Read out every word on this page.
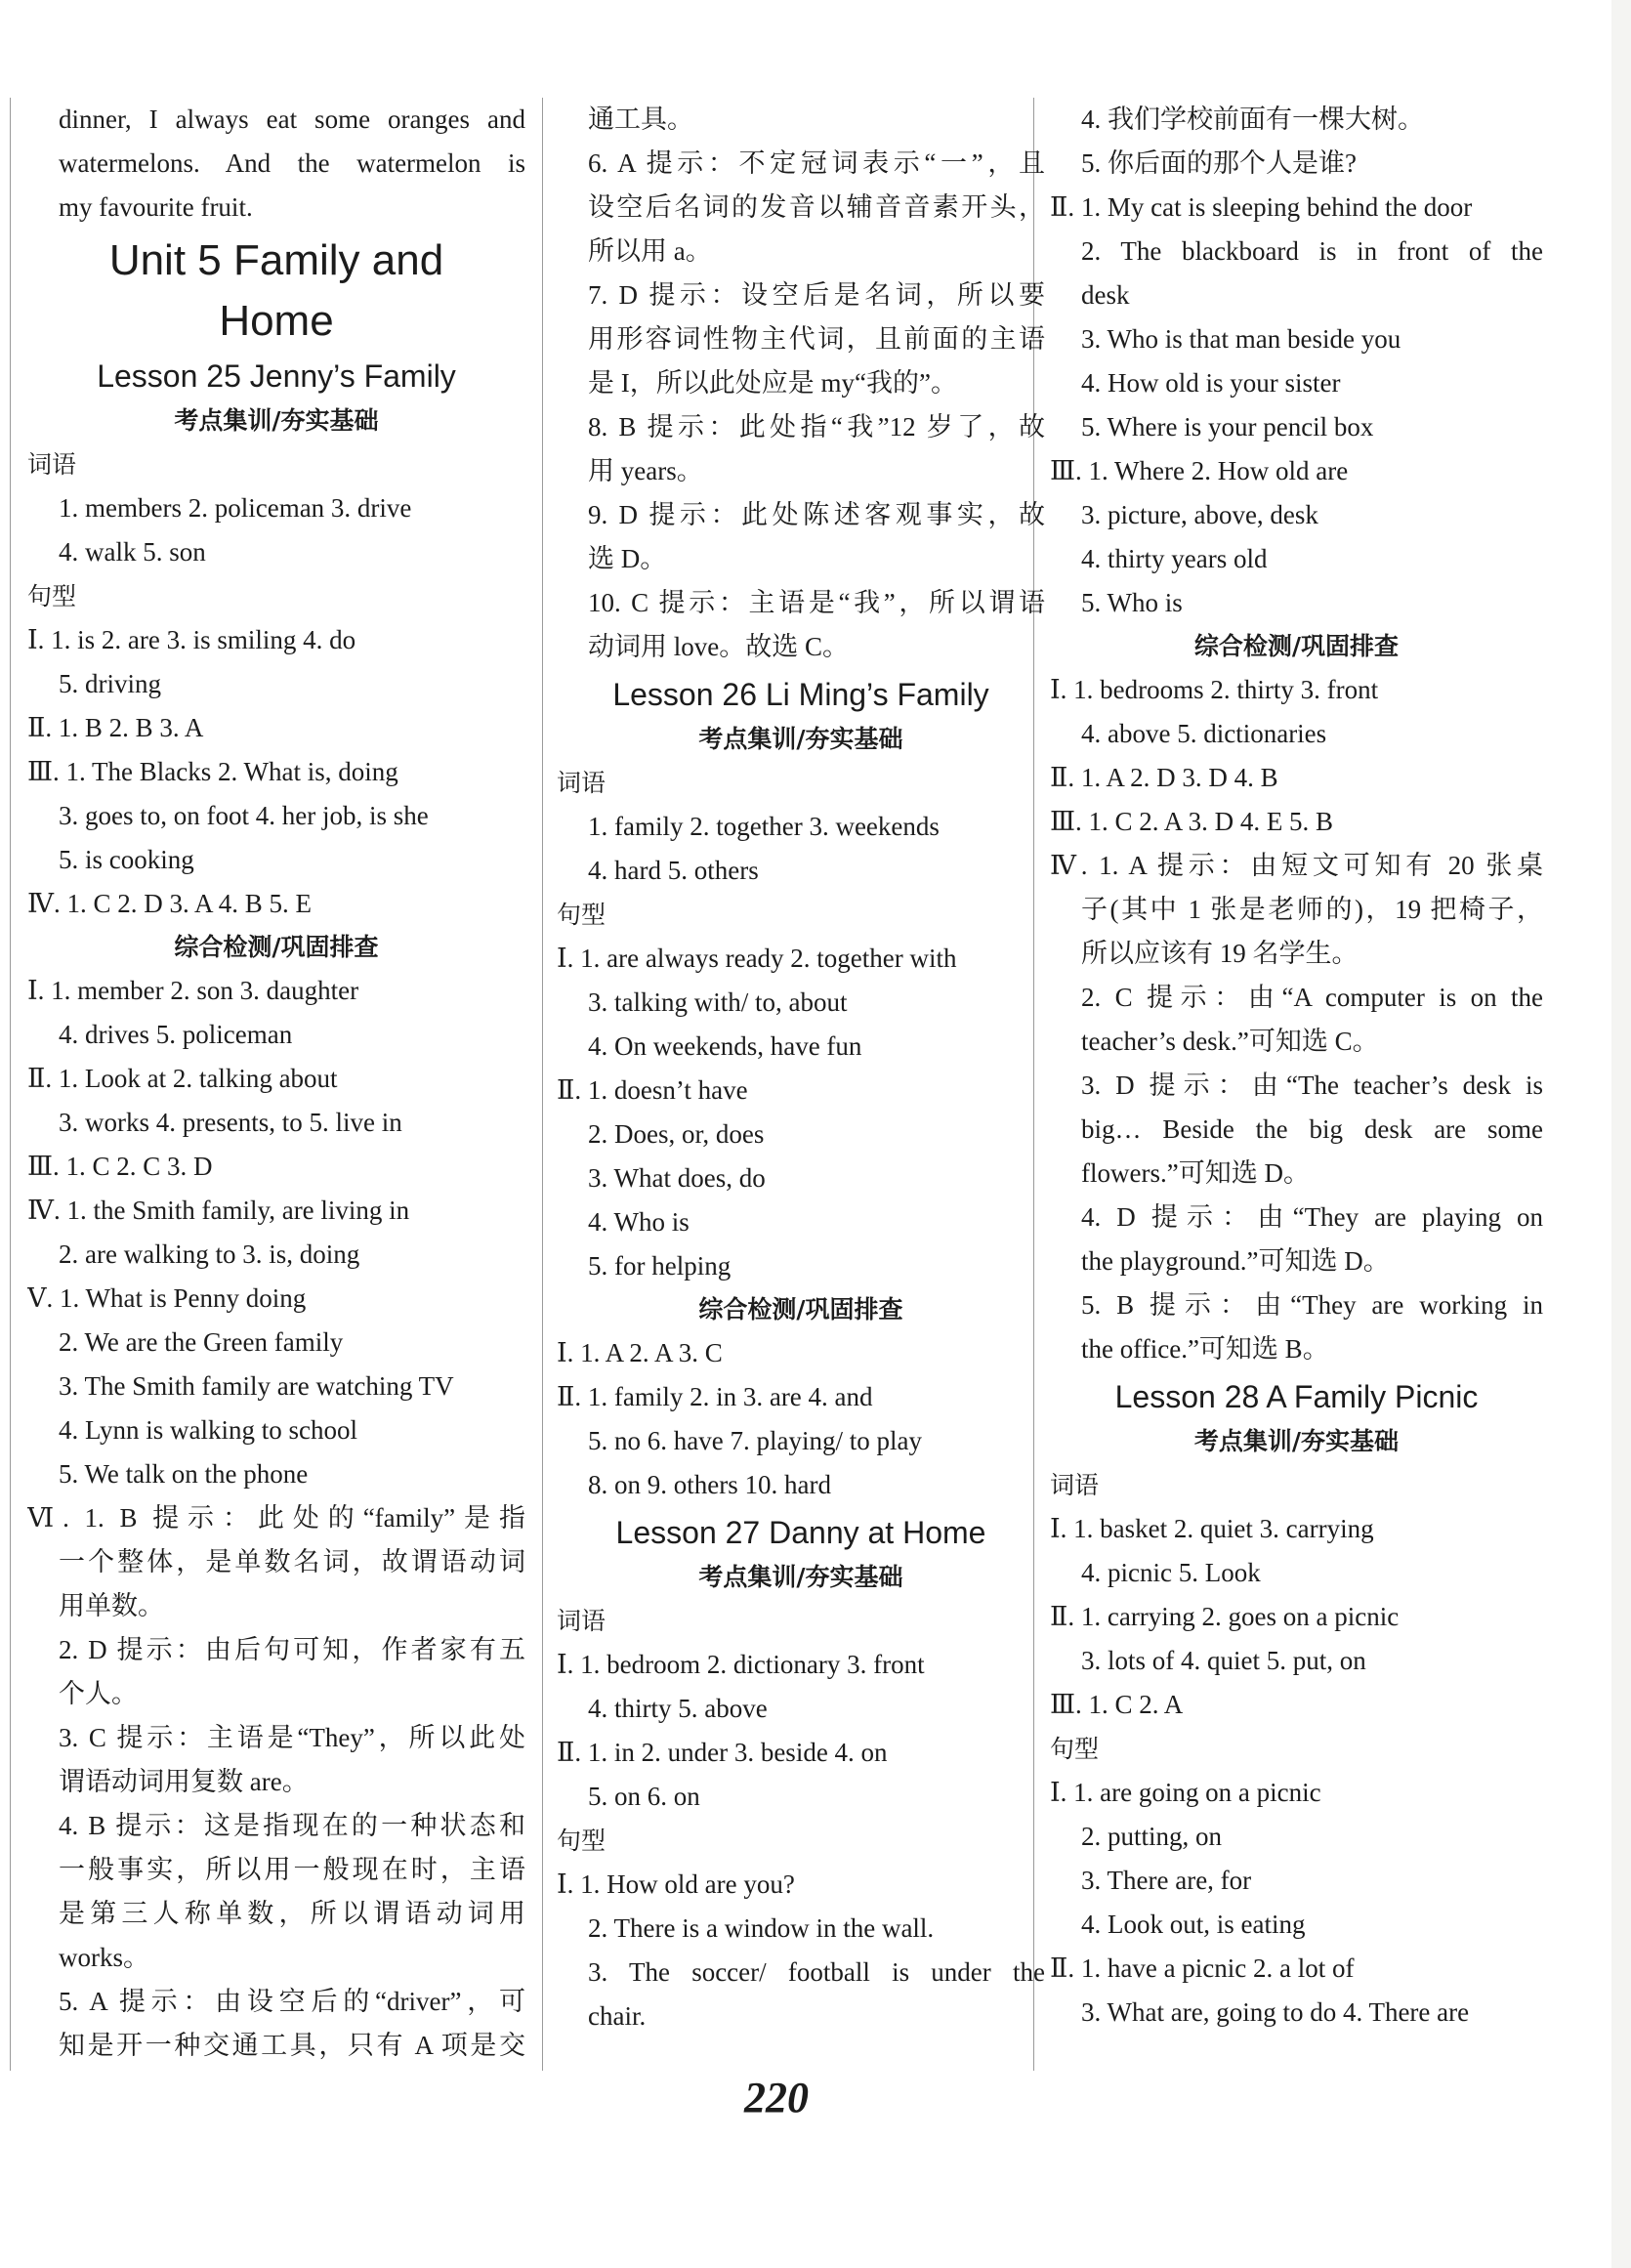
dinner, I always eat some oranges and
watermelons. And the watermelon is
my favourite fruit.
Unit 5 Family and
Home
Lesson 25 Jenny’s Family
考点集训/夯实基础
词语
1. members 2. policeman 3. drive
4. walk 5. son
句型
Ⅰ. 1. is 2. are 3. is smiling 4. do
5. driving
Ⅱ. 1. B 2. B 3. A
Ⅲ. 1. The Blacks 2. What is, doing
3. goes to, on foot 4. her job, is she
5. is cooking
Ⅳ. 1. C 2. D 3. A 4. B 5. E
综合检测/巩固排查
Ⅰ. 1. member 2. son 3. daughter
4. drives 5. policeman
Ⅱ. 1. Look at 2. talking about
3. works 4. presents, to 5. live in
Ⅲ. 1. C 2. C 3. D
Ⅳ. 1. the Smith family, are living in
2. are walking to 3. is, doing
Ⅴ. 1. What is Penny doing
2. We are the Green family
3. The Smith family are watching TV
4. Lynn is walking to school
5. We talk on the phone
Ⅵ. 1. B 提示：此处的“family”是指
一个整体，是单数名词，故谓语动词
用单数。
2. D 提示：由后句可知，作者家有五
个人。
3. C 提示：主语是“They”，所以此处
谓语动词用复数 are。
4. B 提示：这是指现在的一种状态和
一般事实，所以用一般现在时，主语
是第三人称单数，所以谓语动词用
works。
5. A 提示：由设空后的“driver”，可
知是开一种交通工具，只有 A 项是交
通工具。
6. A 提示：不定冠词表示“一”，且
设空后名词的发音以辅音音素开头，
所以用 a。
7. D 提示：设空后是名词，所以要
用形容词性物主代词，且前面的主语
是 I，所以此处应是 my“我的”。
8. B 提示：此处指“我”12 岁了，故
用 years。
9. D 提示：此处陈述客观事实，故
选 D。
10. C 提示：主语是“我”，所以谓语
动词用 love。故选 C。
Lesson 26 Li Ming’s Family
考点集训/夯实基础
词语
1. family 2. together 3. weekends
4. hard 5. others
句型
Ⅰ. 1. are always ready 2. together with
3. talking with/ to, about
4. On weekends, have fun
Ⅱ. 1. doesn’t have
2. Does, or, does
3. What does, do
4. Who is
5. for helping
综合检测/巩固排查
Ⅰ. 1. A 2. A 3. C
Ⅱ. 1. family 2. in 3. are 4. and
5. no 6. have 7. playing/ to play
8. on 9. others 10. hard
Lesson 27 Danny at Home
考点集训/夯实基础
词语
Ⅰ. 1. bedroom 2. dictionary 3. front
4. thirty 5. above
Ⅱ. 1. in 2. under 3. beside 4. on
5. on 6. on
句型
Ⅰ. 1. How old are you?
2. There is a window in the wall.
3. The soccer/ football is under the
chair.
4. 我们学校前面有一棵大树。
5. 你后面的那个人是谁?
Ⅱ. 1. My cat is sleeping behind the door
2. The blackboard is in front of the
desk
3. Who is that man beside you
4. How old is your sister
5. Where is your pencil box
Ⅲ. 1. Where 2. How old are
3. picture, above, desk
4. thirty years old
5. Who is
综合检测/巩固排查
Ⅰ. 1. bedrooms 2. thirty 3. front
4. above 5. dictionaries
Ⅱ. 1. A 2. D 3. D 4. B
Ⅲ. 1. C 2. A 3. D 4. E 5. B
Ⅳ. 1. A 提示：由短文可知有 20 张桌
子(其中 1 张是老师的)，19 把椅子，
所以应该有 19 名学生。
2. C 提示：由“A computer is on the
teacher’s desk.”可知选 C。
3. D 提示：由“The teacher’s desk is
big… Beside the big desk are some
flowers.”可知选 D。
4. D 提示：由“They are playing on
the playground.”可知选 D。
5. B 提示：由“They are working in
the office.”可知选 B。
Lesson 28 A Family Picnic
考点集训/夯实基础
词语
Ⅰ. 1. basket 2. quiet 3. carrying
4. picnic 5. Look
Ⅱ. 1. carrying 2. goes on a picnic
3. lots of 4. quiet 5. put, on
Ⅲ. 1. C 2. A
句型
Ⅰ. 1. are going on a picnic
2. putting, on
3. There are, for
4. Look out, is eating
Ⅱ. 1. have a picnic 2. a lot of
3. What are, going to do 4. There are
220
